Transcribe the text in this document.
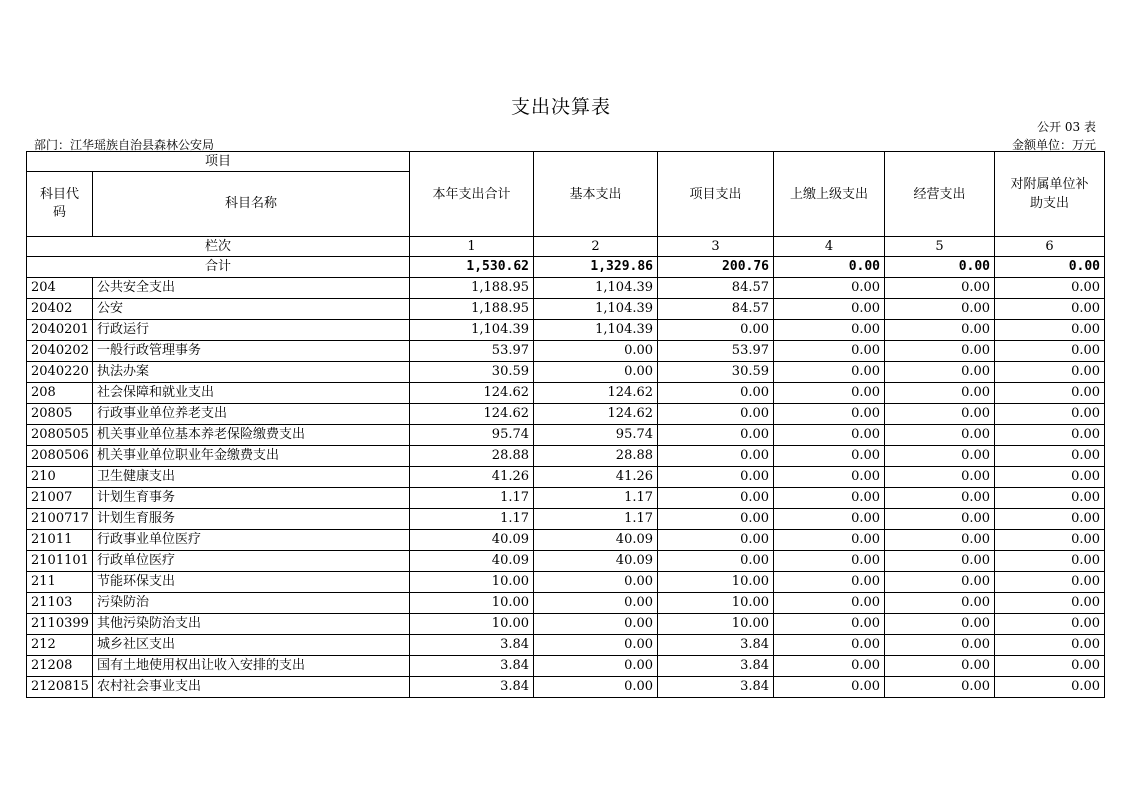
支出决算表
公开 03 表
部门：江华瑶族自治县森林公安局	金额单位：万元
项目		本年支出合计	基本支出	项目支出	上缴上级支出	经营支出	对附属单位补助支出
科目代码	科目名称						
栏次		1	2	3	4	5	6
合计		1,530.62	1,329.86	200.76	0.00	0.00	0.00
204	公共安全支出	1,188.95	1,104.39	84.57	0.00	0.00	0.00
20402	公安	1,188.95	1,104.39	84.57	0.00	0.00	0.00
2040201	行政运行	1,104.39	1,104.39	0.00	0.00	0.00	0.00
2040202	一般行政管理事务	53.97	0.00	53.97	0.00	0.00	0.00
2040220	执法办案	30.59	0.00	30.59	0.00	0.00	0.00
208	社会保障和就业支出	124.62	124.62	0.00	0.00	0.00	0.00
20805	行政事业单位养老支出	124.62	124.62	0.00	0.00	0.00	0.00
2080505	机关事业单位基本养老保险缴费支出	95.74	95.74	0.00	0.00	0.00	0.00
2080506	机关事业单位职业年金缴费支出	28.88	28.88	0.00	0.00	0.00	0.00
210	卫生健康支出	41.26	41.26	0.00	0.00	0.00	0.00
21007	计划生育事务	1.17	1.17	0.00	0.00	0.00	0.00
2100717	计划生育服务	1.17	1.17	0.00	0.00	0.00	0.00
21011	行政事业单位医疗	40.09	40.09	0.00	0.00	0.00	0.00
2101101	行政单位医疗	40.09	40.09	0.00	0.00	0.00	0.00
211	节能环保支出	10.00	0.00	10.00	0.00	0.00	0.00
21103	污染防治	10.00	0.00	10.00	0.00	0.00	0.00
2110399	其他污染防治支出	10.00	0.00	10.00	0.00	0.00	0.00
212	城乡社区支出	3.84	0.00	3.84	0.00	0.00	0.00
21208	国有土地使用权出让收入安排的支出	3.84	0.00	3.84	0.00	0.00	0.00
2120815	农村社会事业支出	3.84	0.00	3.84	0.00	0.00	0.00
